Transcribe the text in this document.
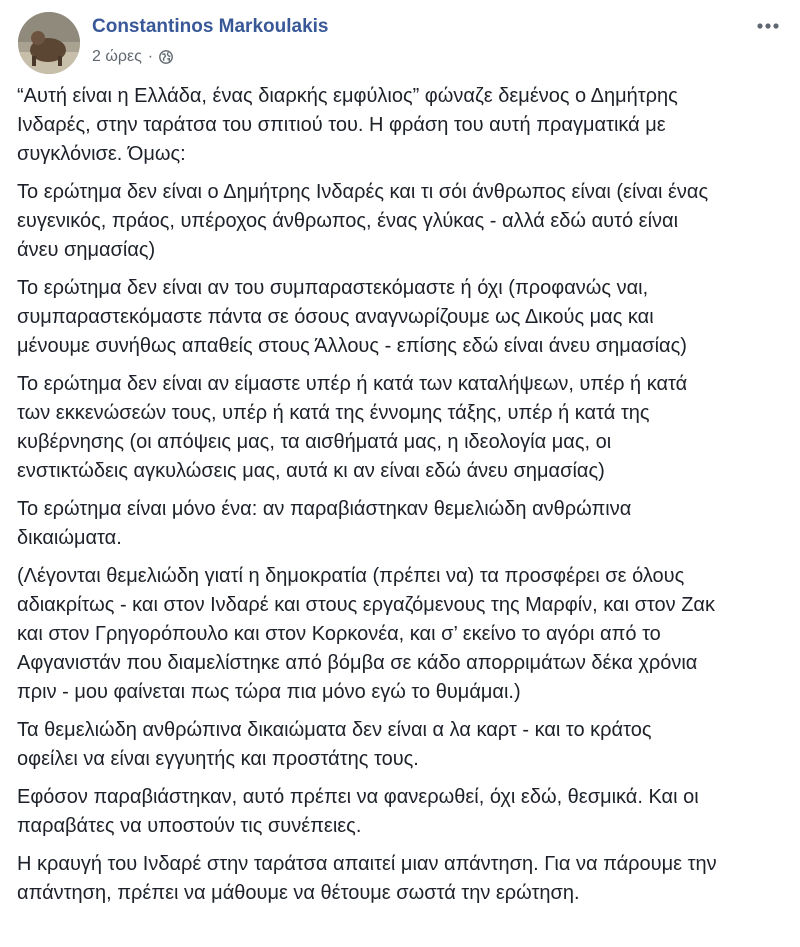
Constantinos Markoulakis
2 ώρες ·

“Αυτή είναι η Ελλάδα, ένας διαρκής εμφύλιος” φώναζε δεμένος ο Δημήτρης
Ινδαρές, στην ταράτσα του σπιτιού του. Η φράση του αυτή πραγματικά με
συγκλόνισε. Όμως:

Το ερώτημα δεν είναι ο Δημήτρης Ινδαρές και τι σόι άνθρωπος είναι (είναι ένας
ευγενικός, πράος, υπέροχος άνθρωπος, ένας γλύκας - αλλά εδώ αυτό είναι
άνευ σημασίας)

Το ερώτημα δεν είναι αν του συμπαραστεκόμαστε ή όχι (προφανώς ναι,
συμπαραστεκόμαστε πάντα σε όσους αναγνωρίζουμε ως Δικούς μας και
μένουμε συνήθως απαθείς στους Άλλους - επίσης εδώ είναι άνευ σημασίας)

Το ερώτημα δεν είναι αν είμαστε υπέρ ή κατά των καταλήψεων, υπέρ ή κατά
των εκκενώσεών τους, υπέρ ή κατά της έννομης τάξης, υπέρ ή κατά της
κυβέρνησης (οι απόψεις μας, τα αισθήματά μας, η ιδεολογία μας, οι
ενστικτώδεις αγκυλώσεις μας, αυτά κι αν είναι εδώ άνευ σημασίας)

Το ερώτημα είναι μόνο ένα: αν παραβιάστηκαν θεμελιώδη ανθρώπινα
δικαιώματα.

(Λέγονται θεμελιώδη γιατί η δημοκρατία (πρέπει να) τα προσφέρει σε όλους
αδιακρίτως - και στον Ινδαρέ και στους εργαζόμενους της Μαρφίν, και στον Ζακ
και στον Γρηγορόπουλο και στον Κορκονέα, και σ’ εκείνο το αγόρι από το
Αφγανιστάν που διαμελίστηκε από βόμβα σε κάδο απορριμάτων δέκα χρόνια
πριν - μου φαίνεται πως τώρα πια μόνο εγώ το θυμάμαι.)

Τα θεμελιώδη ανθρώπινα δικαιώματα δεν είναι α λα καρτ - και το κράτος
οφείλει να είναι εγγυητής και προστάτης τους.

Εφόσον παραβιάστηκαν, αυτό πρέπει να φανερωθεί, όχι εδώ, θεσμικά. Και οι
παραβάτες να υποστούν τις συνέπειες.

Η κραυγή του Ινδαρέ στην ταράτσα απαιτεί μιαν απάντηση. Για να πάρουμε την
απάντηση, πρέπει να μάθουμε να θέτουμε σωστά την ερώτηση.
